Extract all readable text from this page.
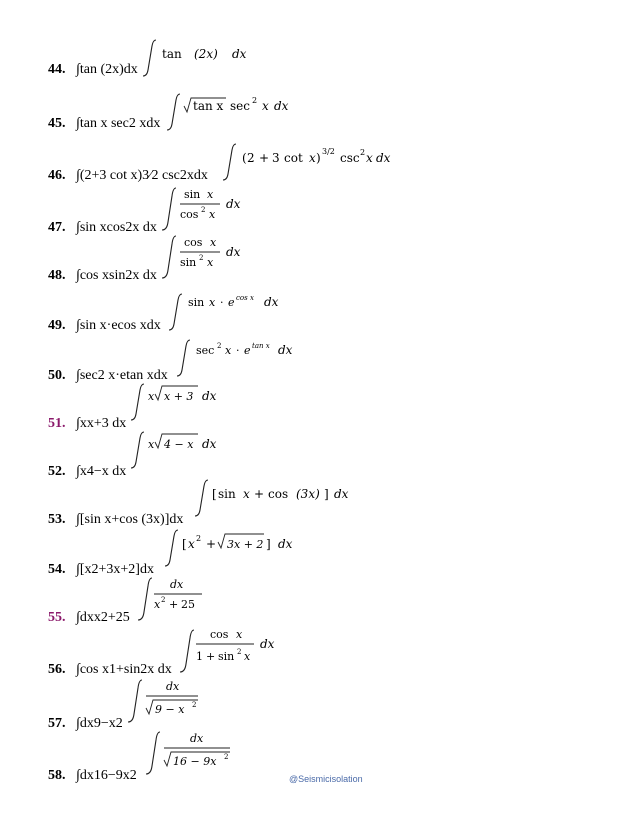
44. ∫tan (2x)dx
tan (2x) dx
45. ∫tan x sec2 xdx
tan x sec 2 x dx
46. ∫(2+3 cot x)3⁄2 csc2xdx
( 2 + 3 cot x ) 3/2 csc 2 x dx
47. ∫sin xcos2x dx
sin x
cos 2 x
dx
48. ∫cos xsin2x dx
cos x
sin 2 x
dx
49. ∫sin x·ecos xdx
sin x · e cos x dx
50. ∫sec2 x·etan xdx
sec 2 x · e tan x dx
51. ∫xx+3 dx
x x + 3 dx
52. ∫x4−x dx
x 4 − x dx
53. ∫[sin x+cos (3x)]dx
[ sin x + cos (3x) ] dx
54. ∫[x2+3x+2]dx
[ x 2 + 3x + 2 ] dx
55. ∫dxx2+25
dx
x 2 + 25
56. ∫cos x1+sin2x dx
cos x
1 + sin 2 x
dx
57. ∫dx9−x2
dx
9 − x 2
58. ∫dx16−9x2
dx
16 − 9x 2
@Seismicisolation
